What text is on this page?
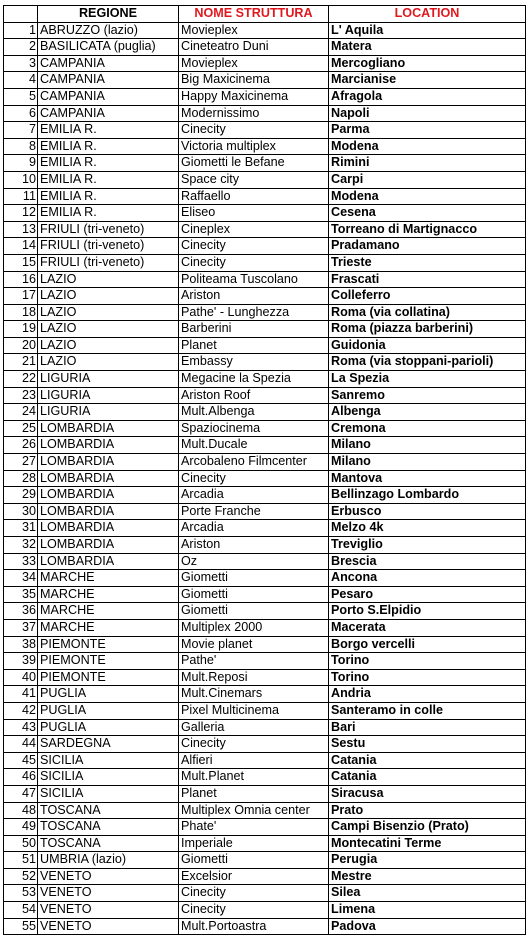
	REGIONE	NOME STRUTTURA	LOCATION
1	ABRUZZO (lazio)	Movieplex	L' Aquila
2	BASILICATA (puglia)	Cineteatro Duni	Matera
3	CAMPANIA	Movieplex	Mercogliano
4	CAMPANIA	Big Maxicinema	Marcianise
5	CAMPANIA	Happy Maxicinema	Afragola
6	CAMPANIA	Modernissimo	Napoli
7	EMILIA R.	Cinecity	Parma
8	EMILIA R.	Victoria multiplex	Modena
9	EMILIA R.	Giometti le Befane	Rimini
10	EMILIA R.	Space city	Carpi
11	EMILIA R.	Raffaello	Modena
12	EMILIA R.	Eliseo	Cesena
13	FRIULI (tri-veneto)	Cineplex	Torreano di Martignacco
14	FRIULI (tri-veneto)	Cinecity	Pradamano
15	FRIULI (tri-veneto)	Cinecity	Trieste
16	LAZIO	Politeama Tuscolano	Frascati
17	LAZIO	Ariston	Colleferro
18	LAZIO	Pathe' - Lunghezza	Roma (via collatina)
19	LAZIO	Barberini	Roma (piazza barberini)
20	LAZIO	Planet	Guidonia
21	LAZIO	Embassy	Roma (via stoppani-parioli)
22	LIGURIA	Megacine la Spezia	La Spezia
23	LIGURIA	Ariston Roof	Sanremo
24	LIGURIA	Mult.Albenga	Albenga
25	LOMBARDIA	Spaziocinema	Cremona
26	LOMBARDIA	Mult.Ducale	Milano
27	LOMBARDIA	Arcobaleno Filmcenter	Milano
28	LOMBARDIA	Cinecity	Mantova
29	LOMBARDIA	Arcadia	Bellinzago Lombardo
30	LOMBARDIA	Porte Franche	Erbusco
31	LOMBARDIA	Arcadia	Melzo 4k
32	LOMBARDIA	Ariston	Treviglio
33	LOMBARDIA	Oz	Brescia
34	MARCHE	Giometti	Ancona
35	MARCHE	Giometti	Pesaro
36	MARCHE	Giometti	Porto S.Elpidio
37	MARCHE	Multiplex 2000	Macerata
38	PIEMONTE	Movie planet	Borgo vercelli
39	PIEMONTE	Pathe'	Torino
40	PIEMONTE	Mult.Reposi	Torino
41	PUGLIA	Mult.Cinemars	Andria
42	PUGLIA	Pixel Multicinema	Santeramo in colle
43	PUGLIA	Galleria	Bari
44	SARDEGNA	Cinecity	Sestu
45	SICILIA	Alfieri	Catania
46	SICILIA	Mult.Planet	Catania
47	SICILIA	Planet	Siracusa
48	TOSCANA	Multiplex Omnia center	Prato
49	TOSCANA	Phate'	Campi Bisenzio (Prato)
50	TOSCANA	Imperiale	Montecatini Terme
51	UMBRIA (lazio)	Giometti	Perugia
52	VENETO	Excelsior	Mestre
53	VENETO	Cinecity	Silea
54	VENETO	Cinecity	Limena
55	VENETO	Mult.Portoastra	Padova
